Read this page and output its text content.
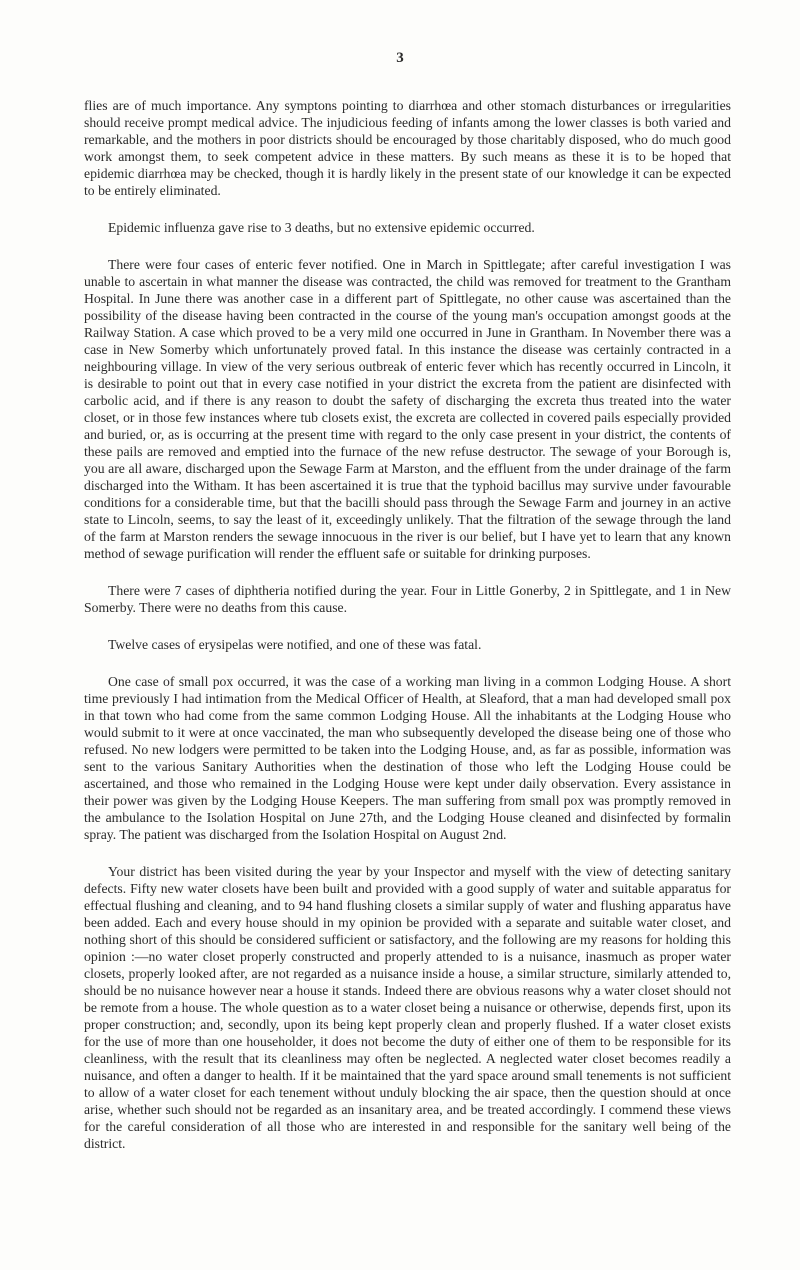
3

flies are of much importance. Any symptons pointing to diarrhœa and other stomach disturbances or irregularities should receive prompt medical advice. The injudicious feeding of infants among the lower classes is both varied and remarkable, and the mothers in poor districts should be encouraged by those charitably disposed, who do much good work amongst them, to seek competent advice in these matters. By such means as these it is to be hoped that epidemic diarrhœa may be checked, though it is hardly likely in the present state of our knowledge it can be expected to be entirely eliminated.

Epidemic influenza gave rise to 3 deaths, but no extensive epidemic occurred.

There were four cases of enteric fever notified. One in March in Spittlegate; after careful investigation I was unable to ascertain in what manner the disease was contracted, the child was removed for treatment to the Grantham Hospital. In June there was another case in a different part of Spittlegate, no other cause was ascertained than the possibility of the disease having been contracted in the course of the young man's occupation amongst goods at the Railway Station. A case which proved to be a very mild one occurred in June in Grantham. In November there was a case in New Somerby which unfortunately proved fatal. In this instance the disease was certainly contracted in a neighbouring village. In view of the very serious outbreak of enteric fever which has recently occurred in Lincoln, it is desirable to point out that in every case notified in your district the excreta from the patient are disinfected with carbolic acid, and if there is any reason to doubt the safety of discharging the excreta thus treated into the water closet, or in those few instances where tub closets exist, the excreta are collected in covered pails especially provided and buried, or, as is occurring at the present time with regard to the only case present in your district, the contents of these pails are removed and emptied into the furnace of the new refuse destructor. The sewage of your Borough is, you are all aware, discharged upon the Sewage Farm at Marston, and the effluent from the under drainage of the farm discharged into the Witham. It has been ascertained it is true that the typhoid bacillus may survive under favourable conditions for a considerable time, but that the bacilli should pass through the Sewage Farm and journey in an active state to Lincoln, seems, to say the least of it, exceedingly unlikely. That the filtration of the sewage through the land of the farm at Marston renders the sewage innocuous in the river is our belief, but I have yet to learn that any known method of sewage purification will render the effluent safe or suitable for drinking purposes.

There were 7 cases of diphtheria notified during the year. Four in Little Gonerby, 2 in Spittlegate, and 1 in New Somerby. There were no deaths from this cause.

Twelve cases of erysipelas were notified, and one of these was fatal.

One case of small pox occurred, it was the case of a working man living in a common Lodging House. A short time previously I had intimation from the Medical Officer of Health, at Sleaford, that a man had developed small pox in that town who had come from the same common Lodging House. All the inhabitants at the Lodging House who would submit to it were at once vaccinated, the man who subsequently developed the disease being one of those who refused. No new lodgers were permitted to be taken into the Lodging House, and, as far as possible, information was sent to the various Sanitary Authorities when the destination of those who left the Lodging House could be ascertained, and those who remained in the Lodging House were kept under daily observation. Every assistance in their power was given by the Lodging House Keepers. The man suffering from small pox was promptly removed in the ambulance to the Isolation Hospital on June 27th, and the Lodging House cleaned and disinfected by formalin spray. The patient was discharged from the Isolation Hospital on August 2nd.

Your district has been visited during the year by your Inspector and myself with the view of detecting sanitary defects. Fifty new water closets have been built and provided with a good supply of water and suitable apparatus for effectual flushing and cleaning, and to 94 hand flushing closets a similar supply of water and flushing apparatus have been added. Each and every house should in my opinion be provided with a separate and suitable water closet, and nothing short of this should be considered sufficient or satisfactory, and the following are my reasons for holding this opinion :—no water closet properly constructed and properly attended to is a nuisance, inasmuch as proper water closets, properly looked after, are not regarded as a nuisance inside a house, a similar structure, similarly attended to, should be no nuisance however near a house it stands. Indeed there are obvious reasons why a water closet should not be remote from a house. The whole question as to a water closet being a nuisance or otherwise, depends first, upon its proper construction; and, secondly, upon its being kept properly clean and properly flushed. If a water closet exists for the use of more than one householder, it does not become the duty of either one of them to be responsible for its cleanliness, with the result that its cleanliness may often be neglected. A neglected water closet becomes readily a nuisance, and often a danger to health. If it be maintained that the yard space around small tenements is not sufficient to allow of a water closet for each tenement without unduly blocking the air space, then the question should at once arise, whether such should not be regarded as an insanitary area, and be treated accordingly. I commend these views for the careful consideration of all those who are interested in and responsible for the sanitary well being of the district.
